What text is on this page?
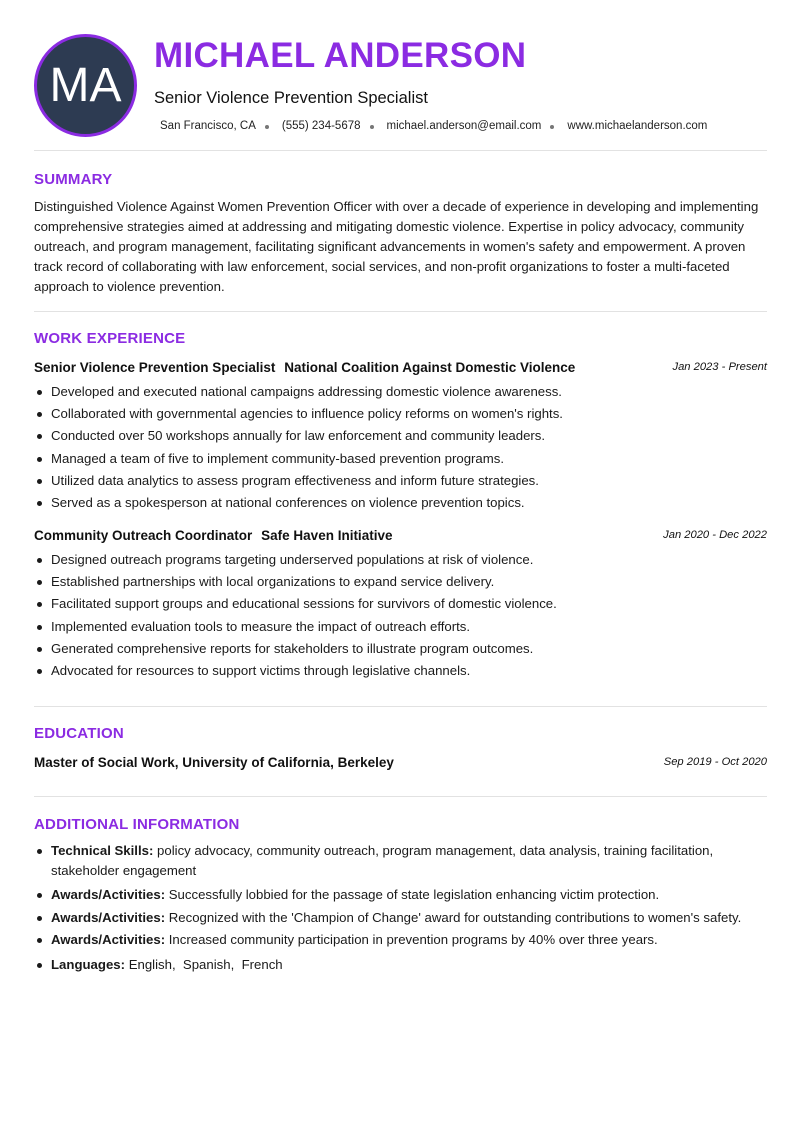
MA
MICHAEL ANDERSON
Senior Violence Prevention Specialist
San Francisco, CA (555) 234-5678 michael.anderson@email.com www.michaelanderson.com
SUMMARY
Distinguished Violence Against Women Prevention Officer with over a decade of experience in developing and implementing comprehensive strategies aimed at addressing and mitigating domestic violence. Expertise in policy advocacy, community outreach, and program management, facilitating significant advancements in women's safety and empowerment. A proven track record of collaborating with law enforcement, social services, and non-profit organizations to foster a multi-faceted approach to violence prevention.
WORK EXPERIENCE
Senior Violence Prevention Specialist National Coalition Against Domestic Violence	Jan 2023 - Present
Developed and executed national campaigns addressing domestic violence awareness.
Collaborated with governmental agencies to influence policy reforms on women's rights.
Conducted over 50 workshops annually for law enforcement and community leaders.
Managed a team of five to implement community-based prevention programs.
Utilized data analytics to assess program effectiveness and inform future strategies.
Served as a spokesperson at national conferences on violence prevention topics.
Community Outreach Coordinator Safe Haven Initiative	Jan 2020 - Dec 2022
Designed outreach programs targeting underserved populations at risk of violence.
Established partnerships with local organizations to expand service delivery.
Facilitated support groups and educational sessions for survivors of domestic violence.
Implemented evaluation tools to measure the impact of outreach efforts.
Generated comprehensive reports for stakeholders to illustrate program outcomes.
Advocated for resources to support victims through legislative channels.
EDUCATION
Master of Social Work, University of California, Berkeley	Sep 2019 - Oct 2020
ADDITIONAL INFORMATION
Technical Skills: policy advocacy, community outreach, program management, data analysis, training facilitation, stakeholder engagement
Awards/Activities: Successfully lobbied for the passage of state legislation enhancing victim protection.
Awards/Activities: Recognized with the 'Champion of Change' award for outstanding contributions to women's safety.
Awards/Activities: Increased community participation in prevention programs by 40% over three years.
Languages: English,  Spanish,  French
